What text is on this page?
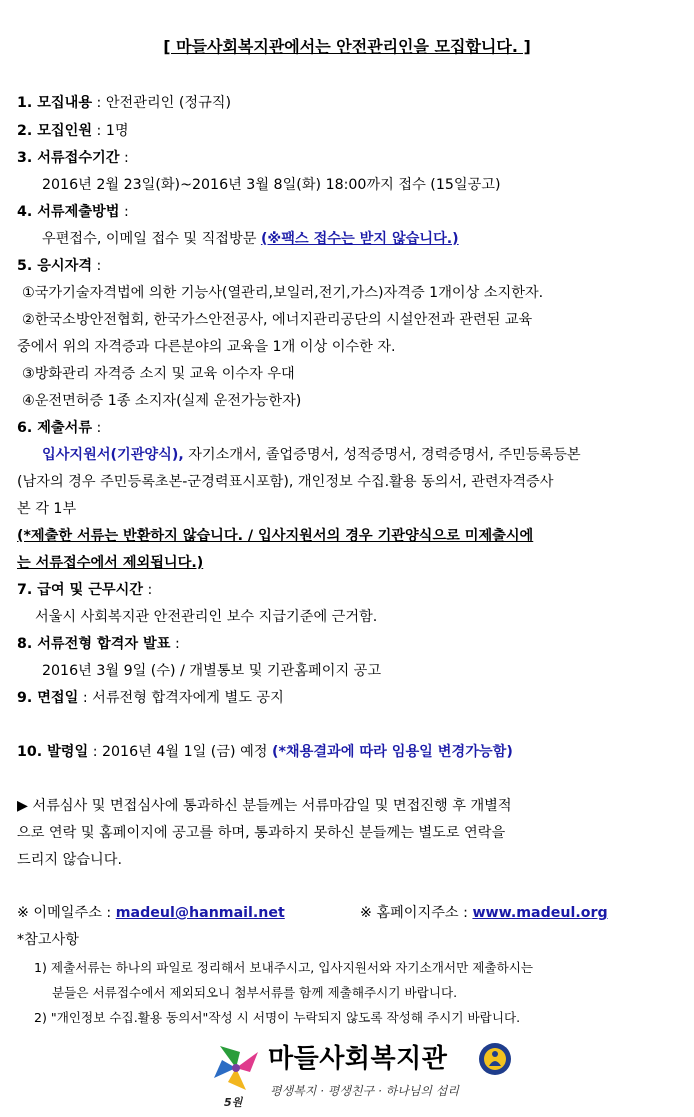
[ 마들사회복지관에서는 안전관리인을 모집합니다. ]
1. 모집내용 : 안전관리인 (정규직)
2. 모집인원 : 1명
3. 서류접수기간 :
2016년 2월 23일(화)~2016년 3월 8일(화) 18:00까지 접수 (15일공고)
4. 서류제출방법 :
우편접수, 이메일 접수 및 직접방문 (※팩스 접수는 받지 않습니다.)
5. 응시자격 :
①국가기술자격법에 의한 기능사(열관리,보일러,전기,가스)자격증 1개이상 소지한자.
②한국소방안전협회, 한국가스안전공사, 에너지관리공단의 시설안전과 관련된 교육
중에서 위의 자격증과 다른분야의 교육을 1개 이상 이수한 자.
③방화관리 자격증 소지 및 교육 이수자 우대
④운전면허증 1종 소지자(실제 운전가능한자)
6. 제출서류 :
입사지원서(기관양식), 자기소개서, 졸업증명서, 성적증명서, 경력증명서, 주민등록등본
(남자의 경우 주민등록초본-군경력표시포함), 개인정보 수집.활용 동의서, 관련자격증사
본 각 1부
(*제출한 서류는 반환하지 않습니다. / 입사지원서의 경우 기관양식으로 미제출시에
는 서류접수에서 제외됩니다.)
7. 급여 및 근무시간 :
서울시 사회복지관 안전관리인 보수 지급기준에 근거함.
8. 서류전형 합격자 발표 :
2016년 3월 9일 (수) / 개별통보 및 기관홈페이지 공고
9. 면접일 : 서류전형 합격자에게 별도 공지
10. 발령일 : 2016년 4월 1일 (금) 예정 (*채용결과에 따라 임용일 변경가능함)
▶ 서류심사 및 면접심사에 통과하신 분들께는 서류마감일 및 면접진행 후 개별적
으로 연락 및 홈페이지에 공고를 하며, 통과하지 못하신 분들께는 별도로 연락을
드리지 않습니다.
※ 이메일주소 : madeul@hanmail.net	※ 홈페이지주소 : www.madeul.org
*참고사항
1) 제출서류는 하나의 파일로 정리해서 보내주시고, 입사지원서와 자기소개서만 제출하시는
분들은 서류접수에서 제외되오니 첨부서류를 함께 제출해주시기 바랍니다.
2) "개인정보 수집.활용 동의서"작성 시 서명이 누락되지 않도록 작성해 주시기 바랍니다.
5원
마들사회복지관
평생복지 · 평생친구 · 하나님의 섭리
